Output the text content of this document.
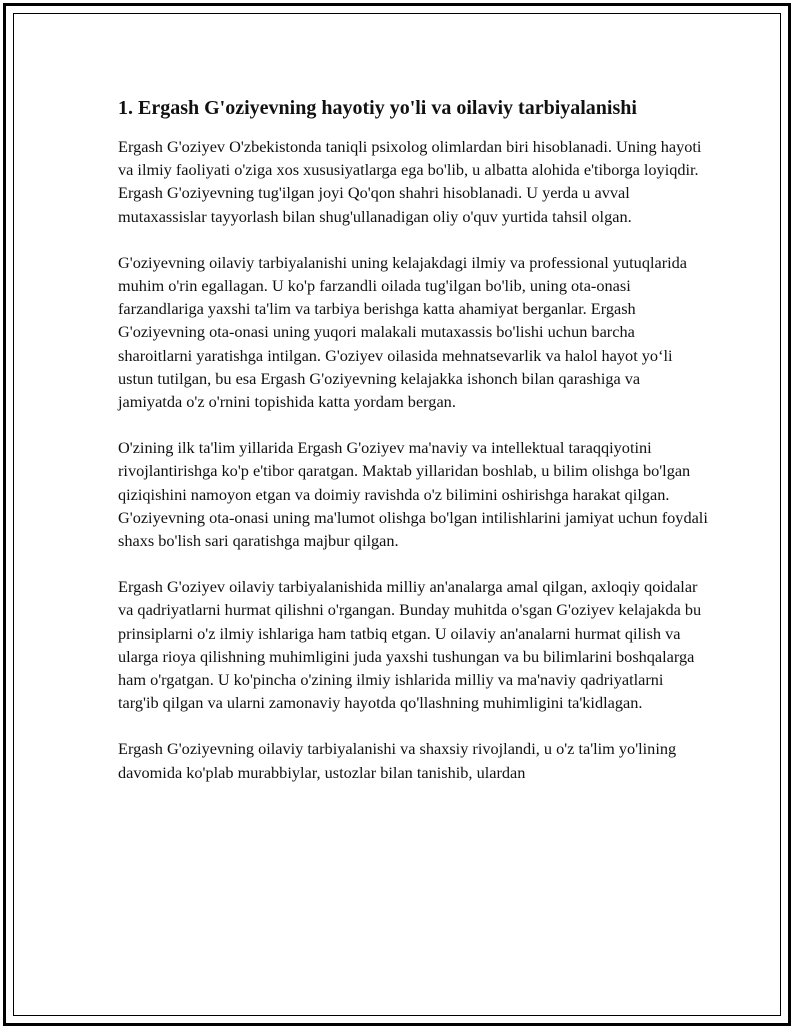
1. Ergash G'oziyevning hayotiy yo'li va oilaviy tarbiyalanishi

Ergash G'oziyev O'zbekistonda taniqli psixolog olimlardan biri hisoblanadi. Uning hayoti va ilmiy faoliyati o'ziga xos xususiyatlarga ega bo'lib, u albatta alohida e'tiborga loyiqdir. Ergash G'oziyevning tug'ilgan joyi Qo'qon shahri hisoblanadi. U yerda u avval mutaxassislar tayyorlash bilan shug'ullanadigan oliy o'quv yurtida tahsil olgan.

G'oziyevning oilaviy tarbiyalanishi uning kelajakdagi ilmiy va professional yutuqlarida muhim o'rin egallagan. U ko'p farzandli oilada tug'ilgan bo'lib, uning ota-onasi farzandlariga yaxshi ta'lim va tarbiya berishga katta ahamiyat berganlar. Ergash G'oziyevning ota-onasi uning yuqori malakali mutaxassis bo'lishi uchun barcha sharoitlarni yaratishga intilgan. G'oziyev oilasida mehnatsevarlik va halol hayot yo‘li ustun tutilgan, bu esa Ergash G'oziyevning kelajakka ishonch bilan qarashiga va jamiyatda o'z o'rnini topishida katta yordam bergan.

O'zining ilk ta'lim yillarida Ergash G'oziyev ma'naviy va intellektual taraqqiyotini rivojlantirishga ko'p e'tibor qaratgan. Maktab yillaridan boshlab, u bilim olishga bo'lgan qiziqishini namoyon etgan va doimiy ravishda o'z bilimini oshirishga harakat qilgan. G'oziyevning ota-onasi uning ma'lumot olishga bo'lgan intilishlarini jamiyat uchun foydali shaxs bo'lish sari qaratishga majbur qilgan.

Ergash G'oziyev oilaviy tarbiyalanishida milliy an'analarga amal qilgan, axloqiy qoidalar va qadriyatlarni hurmat qilishni o'rgangan. Bunday muhitda o'sgan G'oziyev kelajakda bu prinsiplarni o'z ilmiy ishlariga ham tatbiq etgan. U oilaviy an'analarni hurmat qilish va ularga rioya qilishning muhimligini juda yaxshi tushungan va bu bilimlarini boshqalarga ham o'rgatgan. U ko'pincha o'zining ilmiy ishlarida milliy va ma'naviy qadriyatlarni targ'ib qilgan va ularni zamonaviy hayotda qo'llashning muhimligini ta'kidlagan.

Ergash G'oziyevning oilaviy tarbiyalanishi va shaxsiy rivojlandi, u o'z ta'lim yo'lining davomida ko'plab murabbiylar, ustozlar bilan tanishib, ulardan
